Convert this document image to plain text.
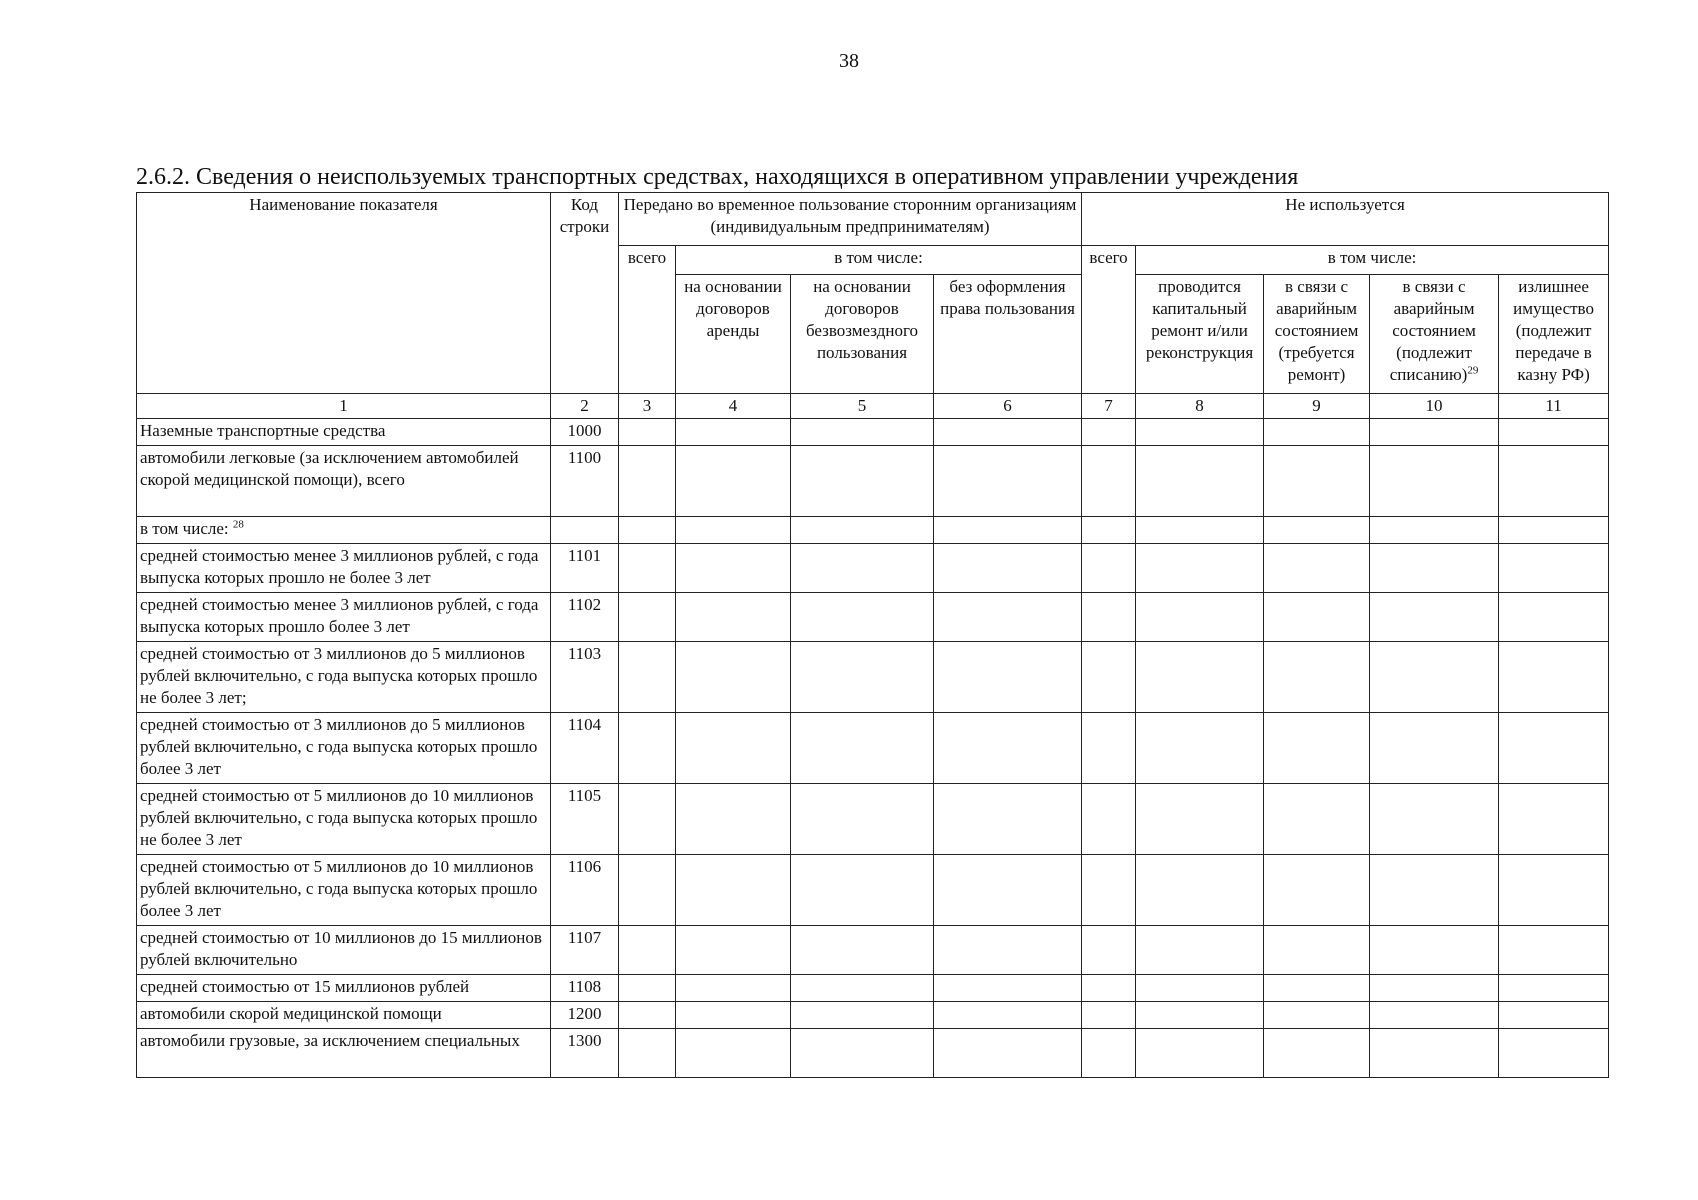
38
2.6.2. Сведения о неиспользуемых транспортных средствах, находящихся в оперативном управлении учреждения
Наименование показателя	Код строки	Передано во временное пользование сторонним организациям (индивидуальным предпринимателям)				Не используется				
		всего	в том числе:			всего	в том числе:			
			на основании договоров аренды	на основании договоров безвозмездного пользования	без оформления права пользования		проводится капитальный ремонт и/или реконструкция	в связи с аварийным состоянием (требуется ремонт)	в связи с аварийным состоянием (подлежит списанию)$^{29}$	излишнее имущество (подлежит передаче в казну РФ)
1	2	3	4	5	6	7	8	9	10	11
Наземные транспортные средства	1000									
автомобили легковые (за исключением автомобилей скорой медицинской помощи), всего	1100									
в том числе: $^{28}$										
средней стоимостью менее 3 миллионов рублей, с года выпуска которых прошло не более 3 лет	1101									
средней стоимостью менее 3 миллионов рублей, с года выпуска которых прошло более 3 лет	1102									
средней стоимостью от 3 миллионов до 5 миллионов рублей включительно, с года выпуска которых прошло не более 3 лет;	1103									
средней стоимостью от 3 миллионов до 5 миллионов рублей включительно, с года выпуска которых прошло более 3 лет	1104									
средней стоимостью от 5 миллионов до 10 миллионов рублей включительно, с года выпуска которых прошло не более 3 лет	1105									
средней стоимостью от 5 миллионов до 10 миллионов рублей включительно, с года выпуска которых прошло более 3 лет	1106									
средней стоимостью от 10 миллионов до 15 миллионов рублей включительно	1107									
средней стоимостью от 15 миллионов рублей	1108									
автомобили скорой медицинской помощи	1200									
автомобили грузовые, за исключением специальных	1300									
